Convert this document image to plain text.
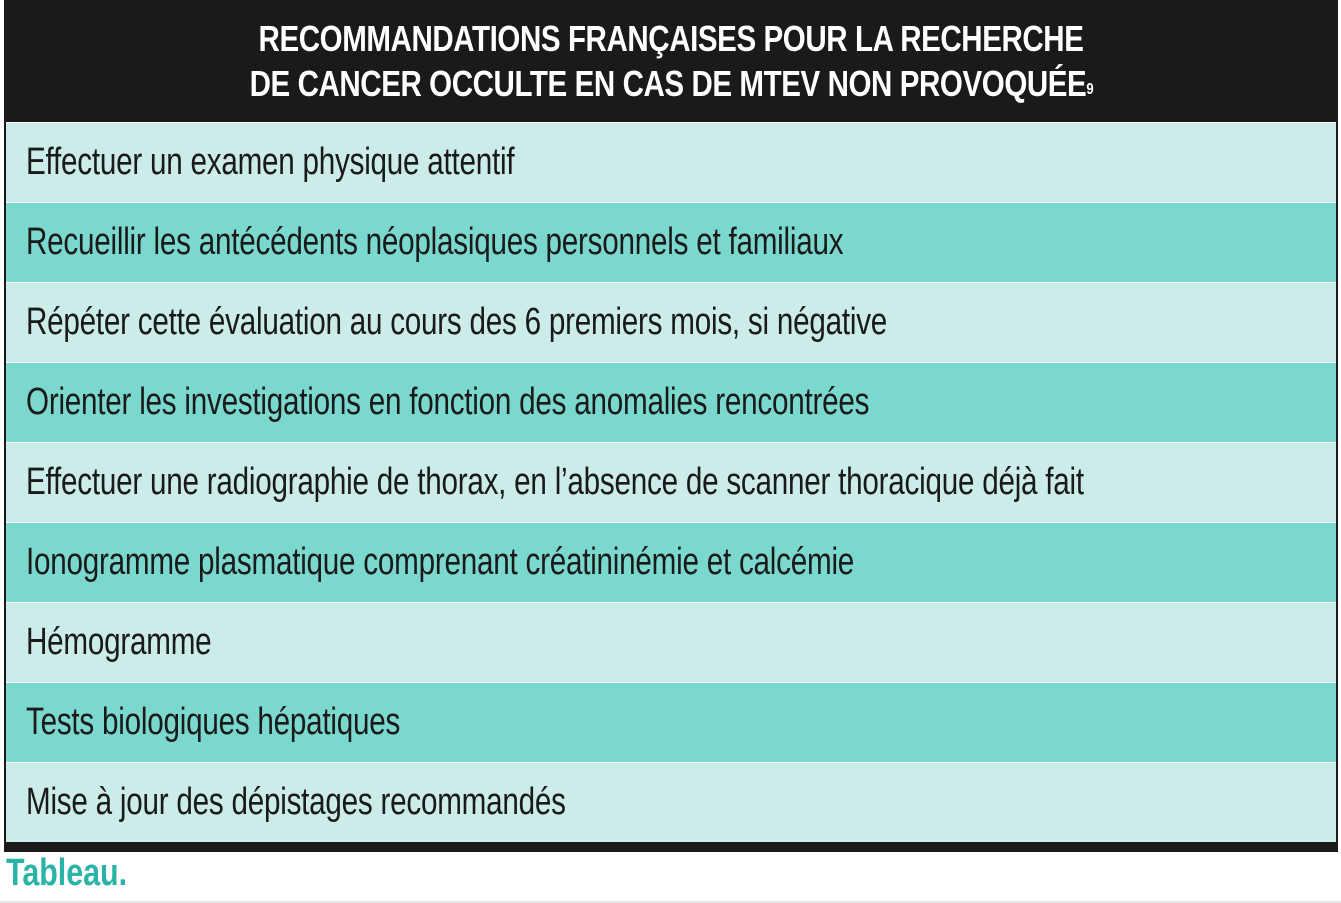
RECOMMANDATIONS FRANÇAISES POUR LA RECHERCHE
DE CANCER OCCULTE EN CAS DE MTEV NON PROVOQUÉE$^9$
Effectuer un examen physique attentif
Recueillir les antécédents néoplasiques personnels et familiaux
Répéter cette évaluation au cours des 6 premiers mois, si négative
Orienter les investigations en fonction des anomalies rencontrées
Effectuer une radiographie de thorax, en l’absence de scanner thoracique déjà fait
Ionogramme plasmatique comprenant créatininémie et calcémie
Hémogramme
Tests biologiques hépatiques
Mise à jour des dépistages recommandés
Tableau.
